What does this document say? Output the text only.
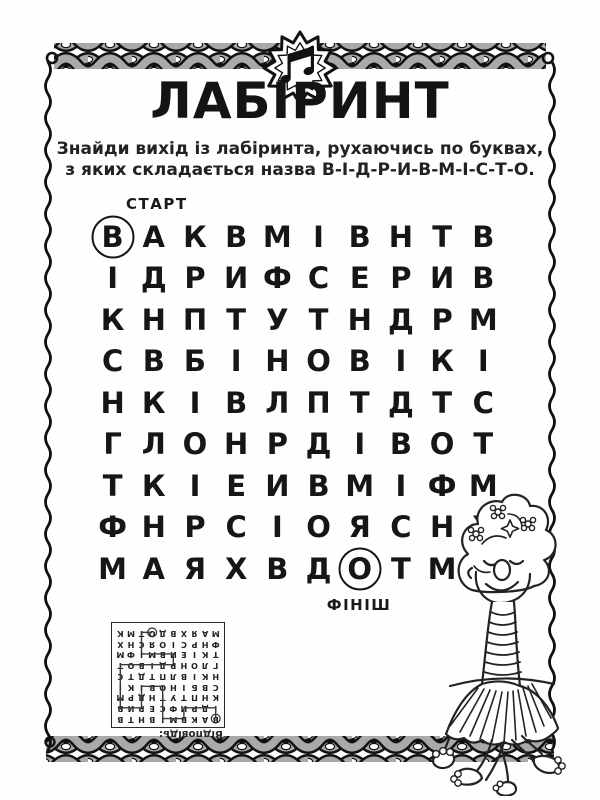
ЛАБІРИНТ
Знайди вихід із лабіринта, рухаючись по буквах,
з яких складається назва В-І-Д-Р-И-В-М-І-С-Т-О.
СТАРТ
В А К В М І В Н Т В
І Д Р И Ф С Е Р И В
К Н П Т У Т Н Д Р М
С В Б І Н О В І К І
Н К І В Л П Т Д Т С
Г Л О Н Р Д І В О Т
Т К І Е И В М І Ф М
Ф Н Р С І О Я С Н
М А Я Х В Д О Т М
ФІНІШ
В
А
К
В
М
І
В
Н
Т
В
І
Д
Р
И
Ф
С
Е
Р
И
В
К
Н
П
Т
У
Т
Н
Д
Р
М
С
В
Б
І
Н
О
В
І
К
І
Н
К
І
В
Л
П
Т
Д
Т
С
Г
Л
О
Н
Р
Д
І
В
О
Т
Т
К
І
Е
И
В
М
І
Ф
М
Ф
Н
Р
С
І
О
Я
С
Н
Х
М
А
Я
Х
В
Д
О
Т
М
К
Відповідь:
